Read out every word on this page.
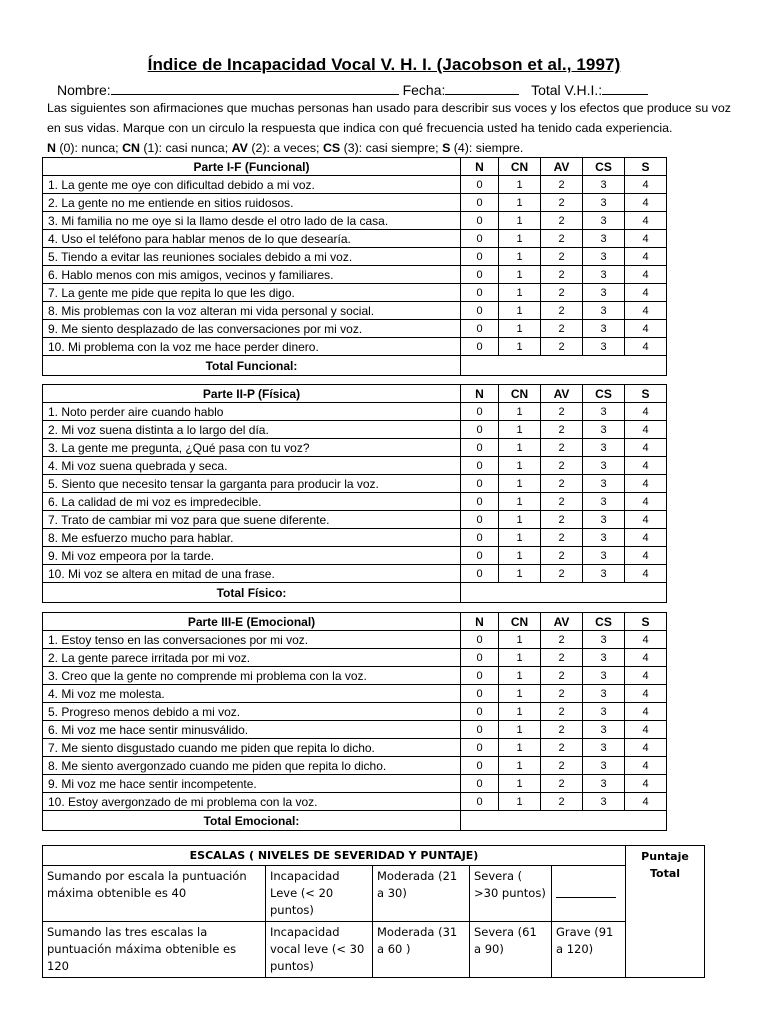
Índice de Incapacidad Vocal V. H. I. (Jacobson et al., 1997)
Nombre:	Fecha:	Total V.H.I.:

Las siguientes son afirmaciones que muchas personas han usado para describir sus voces y los efectos que produce su voz

en sus vidas. Marque con un circulo la respuesta que indica con qué frecuencia usted ha tenido cada experiencia.

N (0): nunca; CN (1): casi nunca; AV (2): a veces; CS (3): casi siempre; S (4): siempre.

Parte I-F (Funcional)	N	CN	AV	CS	S
1. La gente me oye con dificultad debido a mi voz.	0	1	2	3	4
2. La gente no me entiende en sitios ruidosos.	0	1	2	3	4
3. Mi familia no me oye si la llamo desde el otro lado de la casa.	0	1	2	3	4
4. Uso el teléfono para hablar menos de lo que desearía.	0	1	2	3	4
5. Tiendo a evitar las reuniones sociales debido a mi voz.	0	1	2	3	4
6. Hablo menos con mis amigos, vecinos y familiares.	0	1	2	3	4
7. La gente me pide que repita lo que les digo.	0	1	2	3	4
8. Mis problemas con la voz alteran mi vida personal y social.	0	1	2	3	4
9. Me siento desplazado de las conversaciones por mi voz.	0	1	2	3	4
10. Mi problema con la voz me hace perder dinero.	0	1	2	3	4
Total Funcional:					
Parte II-P (Física)	N	CN	AV	CS	S
1. Noto perder aire cuando hablo	0	1	2	3	4
2. Mi voz suena distinta a lo largo del día.	0	1	2	3	4
3. La gente me pregunta, ¿Qué pasa con tu voz?	0	1	2	3	4
4. Mi voz suena quebrada y seca.	0	1	2	3	4
5. Siento que necesito tensar la garganta para producir la voz.	0	1	2	3	4
6. La calidad de mi voz es impredecible.	0	1	2	3	4
7. Trato de cambiar mi voz para que suene diferente.	0	1	2	3	4
8. Me esfuerzo mucho para hablar.	0	1	2	3	4
9. Mi voz empeora por la tarde.	0	1	2	3	4
10. Mi voz se altera en mitad de una frase.	0	1	2	3	4
Total Físico:					
Parte III-E (Emocional)	N	CN	AV	CS	S
1. Estoy tenso en las conversaciones por mi voz.	0	1	2	3	4
2. La gente parece irritada por mi voz.	0	1	2	3	4
3. Creo que la gente no comprende mi problema con la voz.	0	1	2	3	4
4. Mi voz me molesta.	0	1	2	3	4
5. Progreso menos debido a mi voz.	0	1	2	3	4
6. Mi voz me hace sentir minusválido.	0	1	2	3	4
7. Me siento disgustado cuando me piden que repita lo dicho.	0	1	2	3	4
8. Me siento avergonzado cuando me piden que repita lo dicho.	0	1	2	3	4
9. Mi voz me hace sentir incompetente.	0	1	2	3	4
10. Estoy avergonzado de mi problema con la voz.	0	1	2	3	4
Total Emocional:					
ESCALAS ( NIVELES DE SEVERIDAD Y PUNTAJE)					Puntaje
Total
Sumando por escala la puntuación máxima obtenible es 40	Incapacidad Leve (< 20 puntos)	Moderada (21 a 30)	Severa ( >30 puntos)		
Sumando las tres escalas la puntuación máxima obtenible es 120	Incapacidad vocal leve (< 30 puntos)	Moderada (31 a 60 )	Severa (61 a 90)	Grave (91 a 120)	
